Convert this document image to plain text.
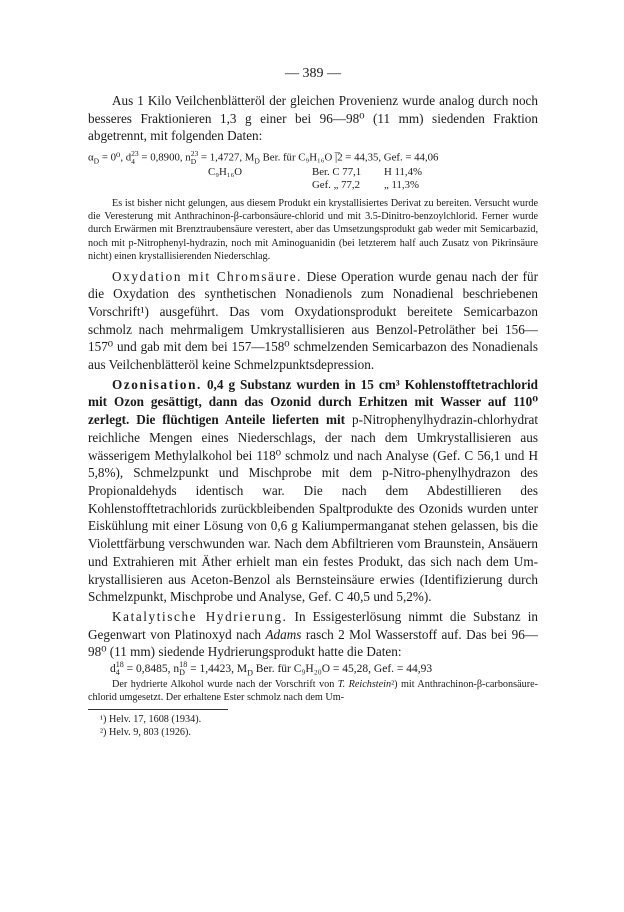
— 389 —

Aus 1 Kilo Veilchenblätteröl der gleichen Provenienz wurde analog durch noch besseres Fraktionieren 1,3 g einer bei 96—98⁰ (11 mm) siedenden Fraktion abgetrennt, mit folgenden Daten:

$\alpha_D = 0^0$, d 23
4 = 0,8900, n 23
D = 1,4727, $M_D$ Ber. für C₉H₁₆O |̅2 = 44,35, Gef. = 44,06
C₉H₁₆O	Ber. C 77,1 H 11,4%
Gef. „ 77,2 „ 11,3%

Es ist bisher nicht gelungen, aus diesem Produkt ein krystallisiertes Derivat zu bereiten. Versucht wurde die Veresterung mit Anthrachinon-β-carbonsäure-chlorid und mit 3.5-Dinitro-benzoylchlorid. Ferner wurde durch Erwärmen mit Brenztraubensäure verestert, aber das Umsetzungsprodukt gab weder mit Semicarbazid, noch mit p-Nitrophenyl-hydrazin, noch mit Aminoguanidin (bei letzterem half auch Zusatz von Pikrinsäure nicht) einen krystallisierenden Niederschlag.

Oxydation mit Chromsäure. Diese Operation wurde genau nach der für die Oxydation des synthetischen Nonadienols zum Nonadienal beschriebenen Vorschrift¹) ausgeführt. Das vom Oxydationsprodukt bereitete Semicarbazon schmolz nach mehrmaligem Umkrystallisieren aus Benzol-Petroläther bei 156—157⁰ und gab mit dem bei 157—158⁰ schmelzenden Semicarbazon des Nonadienals aus Veilchenblätteröl keine Schmelzpunktsdepression.

Ozonisation. 0,4 g Substanz wurden in 15 cm³ Kohlenstofftetrachlorid mit Ozon gesättigt, dann das Ozonid durch Erhitzen mit Wasser auf 110⁰ zerlegt. Die flüchtigen Anteile lieferten mit p-Nitrophenylhydrazin-chlorhydrat reichliche Mengen eines Niederschlags, der nach dem Umkrystallisieren aus wässerigem Methylalkohol bei 118⁰ schmolz und nach Analyse (Gef. C 56,1 und H 5,8%), Schmelzpunkt und Mischprobe mit dem p-Nitro-phenylhydrazon des Propionaldehyds identisch war. Die nach dem Abdestillieren des Kohlenstofftetrachlorids zurückbleibenden Spaltprodukte des Ozonids wurden unter Eiskühlung mit einer Lösung von 0,6 g Kaliumpermanganat stehen gelassen, bis die Violettfärbung verschwunden war. Nach dem Abfiltrieren vom Braunstein, Ansäuern und Extrahieren mit Äther erhielt man ein festes Produkt, das sich nach dem Umkrystallisieren aus Aceton-Benzol als Bernsteinsäure erwies (Identifizierung durch Schmelzpunkt, Mischprobe und Analyse, Gef. C 40,5 und 5,2%).

Katalytische Hydrierung. In Essigesterlösung nimmt die Substanz in Gegenwart von Platinoxyd nach Adams rasch 2 Mol Wasserstoff auf. Das bei 96—98⁰ (11 mm) siedende Hydrierungsprodukt hatte die Daten:

d 18
4 = 0,8485, n 18
D = 1,4423, $M_D$ Ber. für C₉H₂₀O = 45,28, Gef. = 44,93

Der hydrierte Alkohol wurde nach der Vorschrift von T. Reichstein²) mit Anthrachinon-β-carbonsäure-chlorid umgesetzt. Der erhaltene Ester schmolz nach dem Um-

¹) Helv. 17, 1608 (1934).
²) Helv. 9, 803 (1926).
